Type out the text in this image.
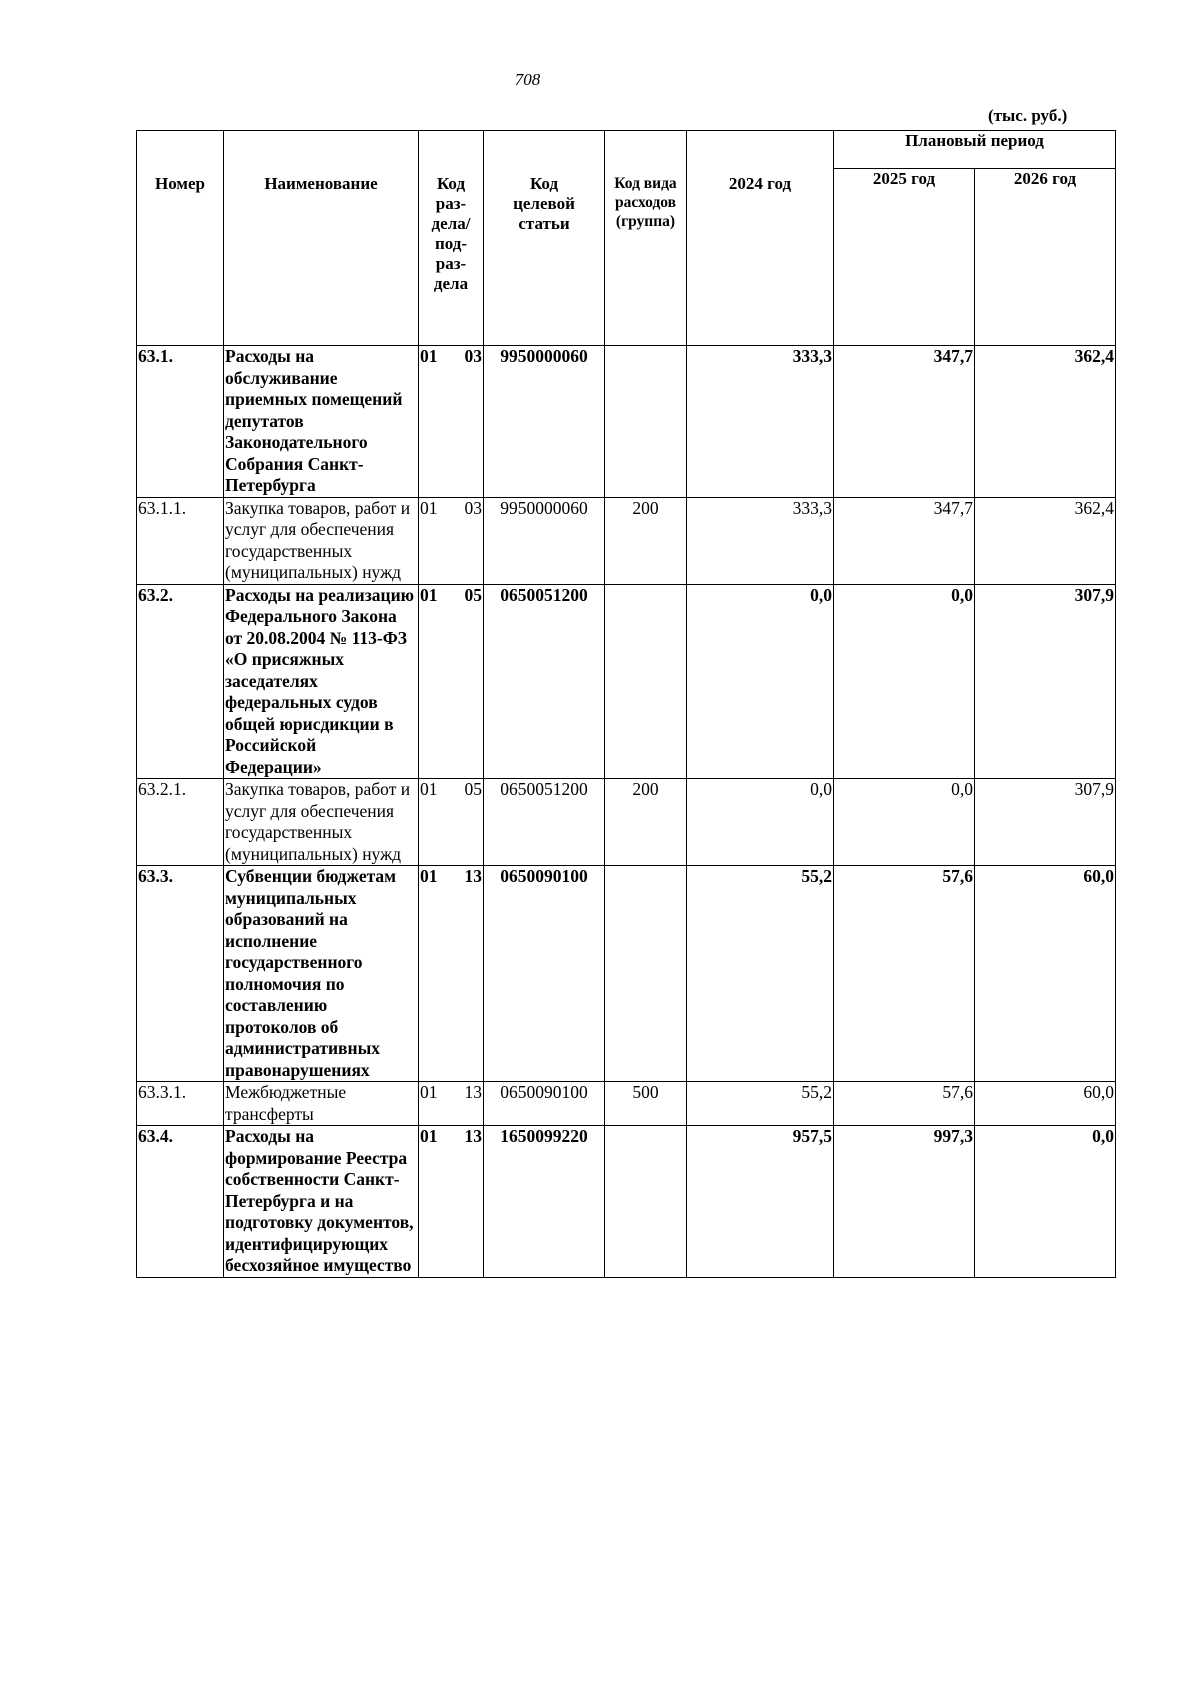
708
(тыс. руб.)
Номер	Наименование	Код раз-дела/ под-раз-дела	Код целевой статьи	Код вида расходов (группа)	2024 год	Плановый период	
						2025 год	2026 год
63.1.	Расходы на обслуживание приемных помещений депутатов Законодательного Собрания Санкт-Петербурга	01 03	9950000060		333,3	347,7	362,4
63.1.1.	Закупка товаров, работ и услуг для обеспечения государственных (муниципальных) нужд	01 03	9950000060	200	333,3	347,7	362,4
63.2.	Расходы на реализацию Федерального Закона от 20.08.2004 № 113-ФЗ «О присяжных заседателях федеральных судов общей юрисдикции в Российской Федерации»	01 05	0650051200		0,0	0,0	307,9
63.2.1.	Закупка товаров, работ и услуг для обеспечения государственных (муниципальных) нужд	01 05	0650051200	200	0,0	0,0	307,9
63.3.	Субвенции бюджетам муниципальных образований на исполнение государственного полномочия по составлению протоколов об административных правонарушениях	01 13	0650090100		55,2	57,6	60,0
63.3.1.	Межбюджетные трансферты	01 13	0650090100	500	55,2	57,6	60,0
63.4.	Расходы на формирование Реестра собственности Санкт-Петербурга и на подготовку документов, идентифицирующих бесхозяйное имущество	01 13	1650099220		957,5	997,3	0,0
